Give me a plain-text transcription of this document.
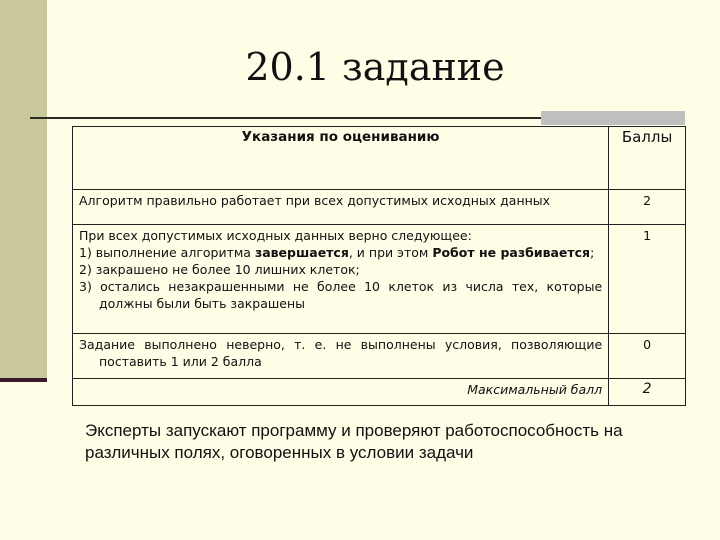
20.1 задание
Указания по оцениванию	Баллы
Алгоритм правильно работает при всех допустимых исходных данных	2

При всех допустимых исходных данных верно следующее:
1) выполнение алгоритма завершается, и при этом Робот не разбивается;
2) закрашено не более 10 лишних клеток;
3) остались незакрашенными не более 10 клеток из числа тех, которые
должны были быть закрашены	1

Задание выполнено неверно, т. е. не выполнены условия, позволяющие
поставить 1 или 2 балла	0
Максимальный балл	2
Эксперты запускают программу и проверяют работоспособность на
различных полях, оговоренных в условии задачи
